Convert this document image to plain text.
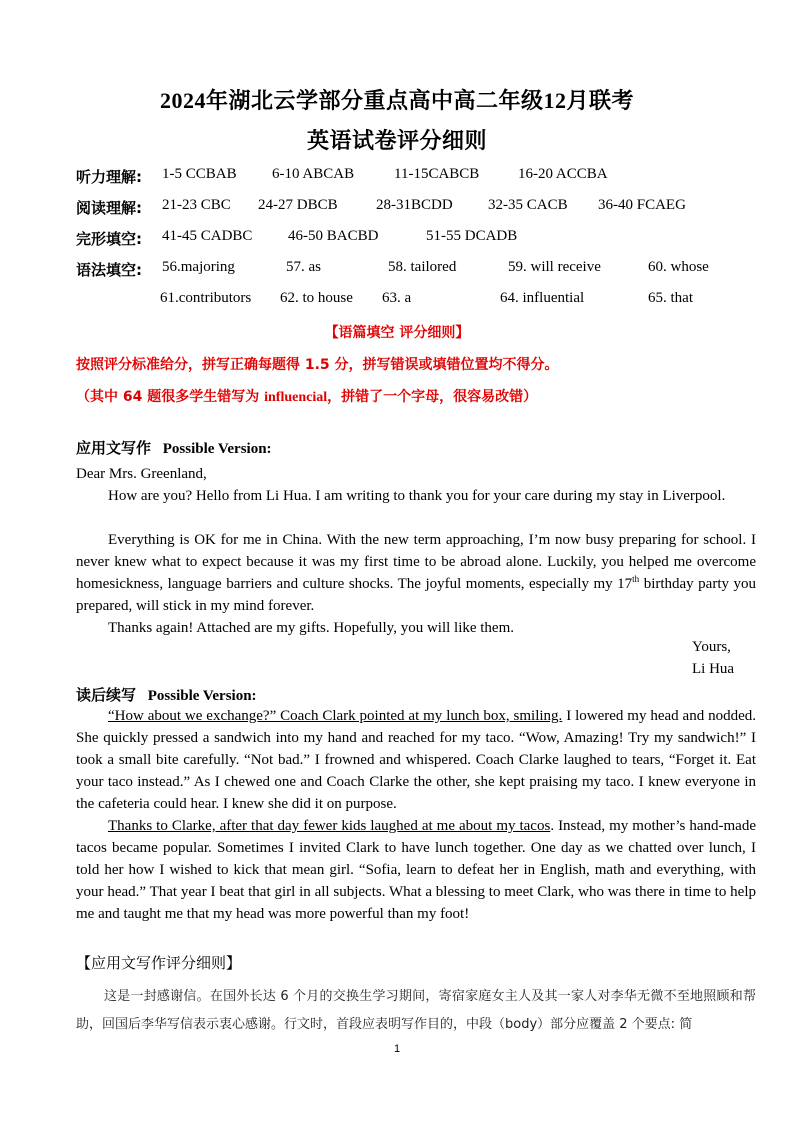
2024年湖北云学部分重点高中高二年级12月联考
英语试卷评分细则
听力理解: 1-5 CCBAB 6-10 ABCAB	11-15CABCB	16-20 ACCBA
阅读理解: 21-23 CBC 24-27 DBCB	28-31BCDD 32-35 CACB 36-40 FCAEG
完形填空: 41-45 CADBC 46-50 BACBD	51-55 DCADB
语法填空: 56.majoring	57. as	58. tailored	59. will receive	60. whose
61.contributors 62. to house 63. a	64. influential	65. that
【语篇填空 评分细则】
按照评分标准给分，拼写正确每题得 1.5 分，拼写错误或填错位置均不得分。
（其中 64 题很多学生错写为 influencial，拼错了一个字母，很容易改错）
应用文写作 Possible Version:
Dear Mrs. Greenland,
How are you? Hello from Li Hua. I am writing to thank you for your care during my stay in Liverpool.
Everything is OK for me in China. With the new term approaching, I’m now busy preparing for school. I never knew what to expect because it was my first time to be abroad alone. Luckily, you helped me overcome homesickness, language barriers and culture shocks. The joyful moments, especially my 17th birthday party you prepared, will stick in my mind forever.
Thanks again! Attached are my gifts. Hopefully, you will like them.
Yours,
Li Hua
读后续写 Possible Version:
“How about we exchange?” Coach Clark pointed at my lunch box, smiling. I lowered my head and nodded. She quickly pressed a sandwich into my hand and reached for my taco. “Wow, Amazing! Try my sandwich!” I took a small bite carefully. “Not bad.” I frowned and whispered. Coach Clarke laughed to tears, “Forget it. Eat your taco instead.” As I chewed one and Coach Clarke the other, she kept praising my taco. I knew everyone in the cafeteria could hear. I knew she did it on purpose.
Thanks to Clarke, after that day fewer kids laughed at me about my tacos. Instead, my mother’s hand-made tacos became popular. Sometimes I invited Clark to have lunch together. One day as we chatted over lunch, I told her how I wished to kick that mean girl. “Sofia, learn to defeat her in English, math and everything, with your head.” That year I beat that girl in all subjects. What a blessing to meet Clark, who was there in time to help me and taught me that my head was more powerful than my foot!
【应用文写作评分细则】
这是一封感谢信。在国外长达 6 个月的交换生学习期间，寄宿家庭女主人及其一家人对李华无微不至地照顾和帮助，回国后李华写信表示衷心感谢。行文时，首段应表明写作目的，中段（body）部分应覆盖 2 个要点: 简
1
